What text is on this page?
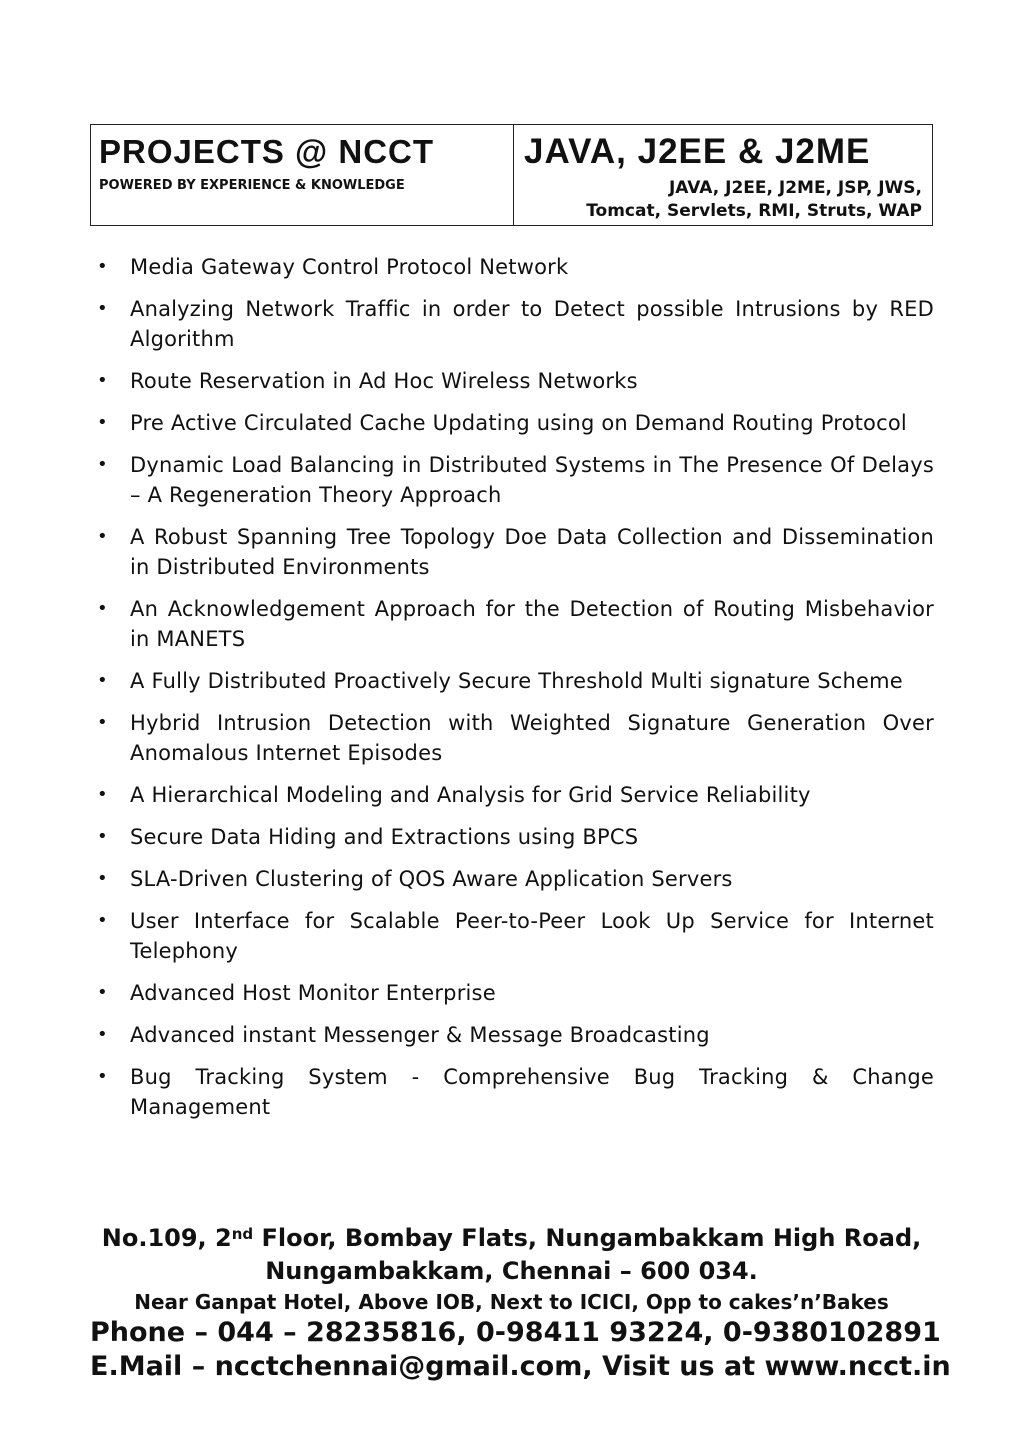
PROJECTS @ NCCT
POWERED BY EXPERIENCE & KNOWLEDGE
JAVA, J2EE & J2ME
JAVA, J2EE, J2ME, JSP, JWS,
Tomcat, Servlets, RMI, Struts, WAP
• Media Gateway Control Protocol Network
• Analyzing Network Traffic in order to Detect possible Intrusions by RED Algorithm
• Route Reservation in Ad Hoc Wireless Networks
• Pre Active Circulated Cache Updating using on Demand Routing Protocol
• Dynamic Load Balancing in Distributed Systems in The Presence Of Delays – A Regeneration Theory Approach
• A Robust Spanning Tree Topology Doe Data Collection and Dissemination in Distributed Environments
• An Acknowledgement Approach for the Detection of Routing Misbehavior in MANETS
• A Fully Distributed Proactively Secure Threshold Multi signature Scheme
• Hybrid Intrusion Detection with Weighted Signature Generation Over Anomalous Internet Episodes
• A Hierarchical Modeling and Analysis for Grid Service Reliability
• Secure Data Hiding and Extractions using BPCS
• SLA-Driven Clustering of QOS Aware Application Servers
• User Interface for Scalable Peer-to-Peer Look Up Service for Internet Telephony
• Advanced Host Monitor Enterprise
• Advanced instant Messenger & Message Broadcasting
• Bug Tracking System - Comprehensive Bug Tracking & Change Management
No.109, 2nd Floor, Bombay Flats, Nungambakkam High Road,
Nungambakkam, Chennai – 600 034.
Near Ganpat Hotel, Above IOB, Next to ICICI, Opp to cakes’n’Bakes
Phone – 044 – 28235816, 0-98411 93224, 0-9380102891
E.Mail – ncctchennai@gmail.com, Visit us at www.ncct.in
